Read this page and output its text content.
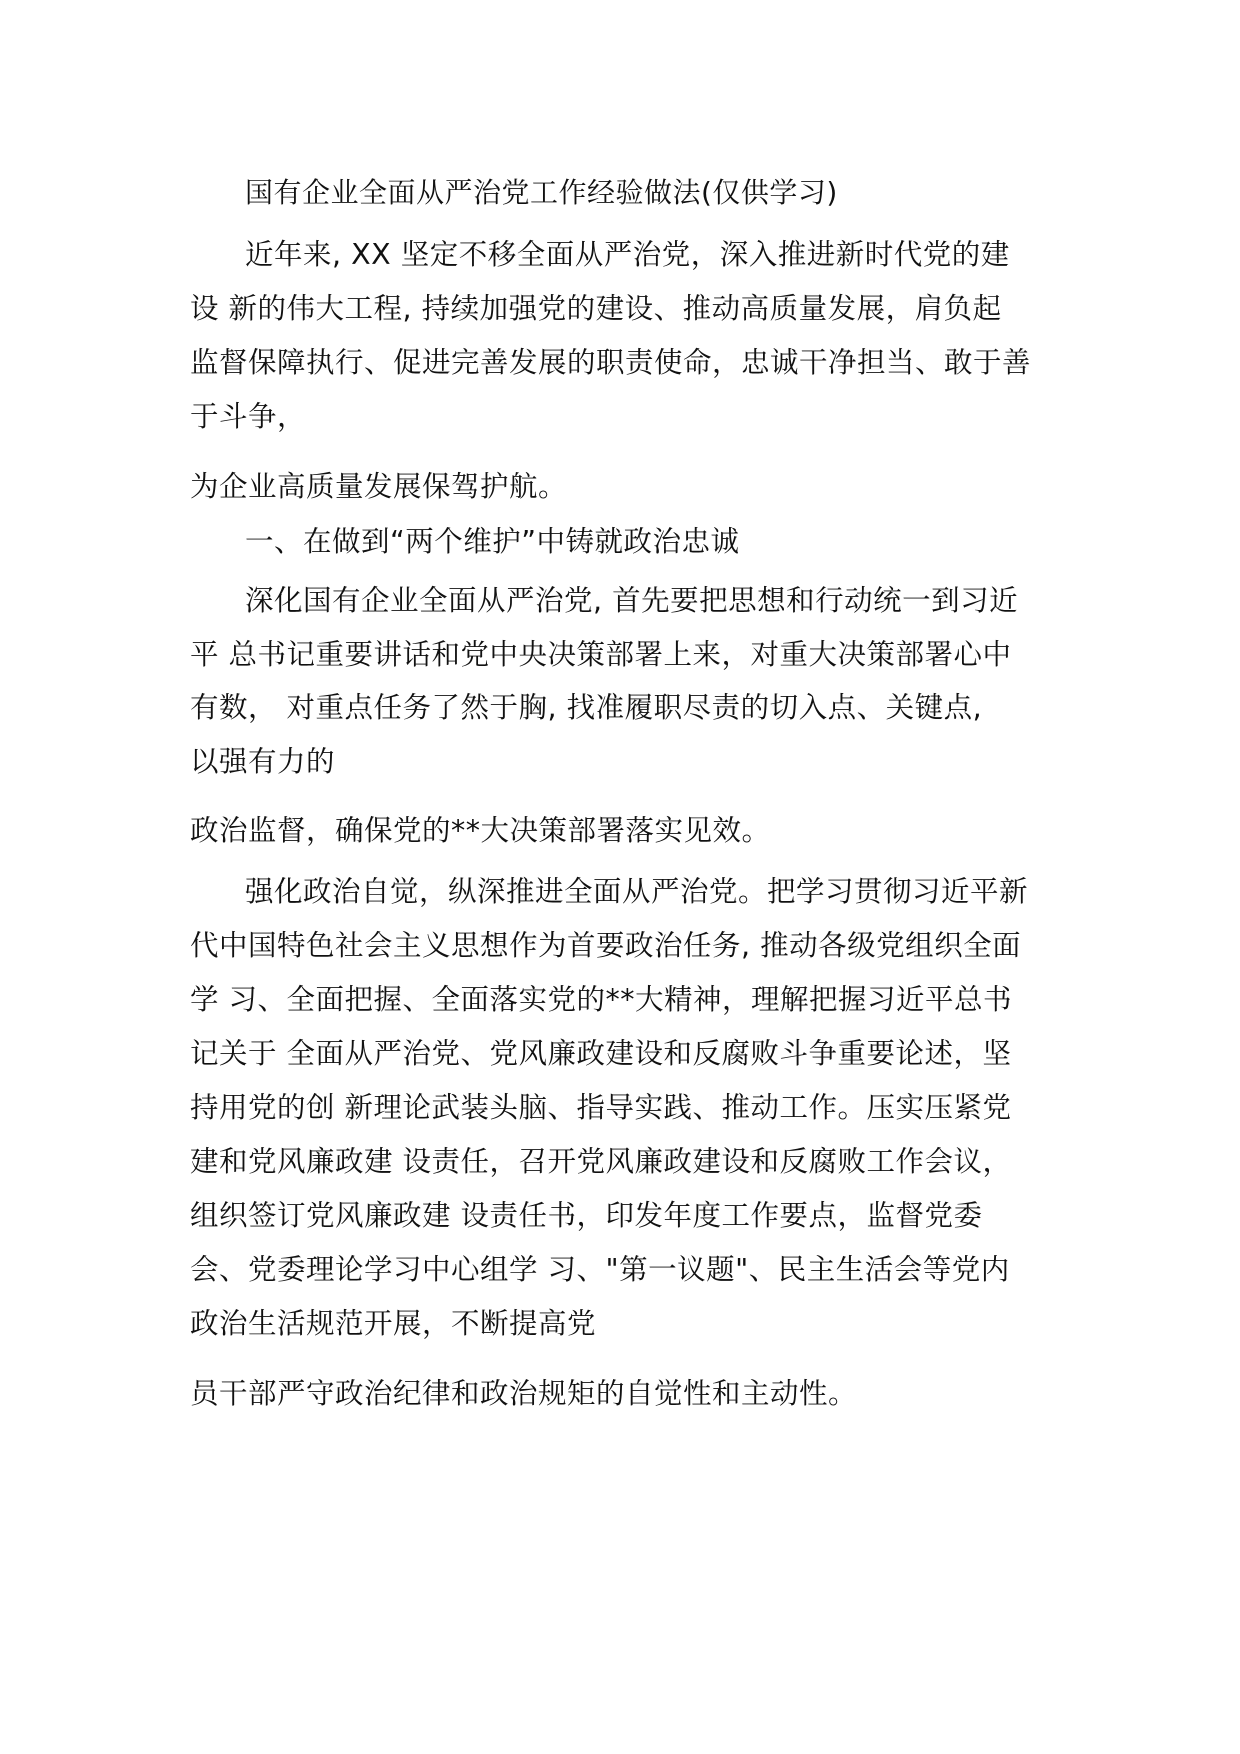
国有企业全面从严治党工作经验做法(仅供学习)
近年来, XX 坚定不移全面从严治党，深入推进新时代党的建
设 新的伟大工程, 持续加强党的建设、推动高质量发展，肩负起
监督保障执行、促进完善发展的职责使命，忠诚干净担当、敢于善
于斗争，
为企业高质量发展保驾护航。
一、在做到“两个维护”中铸就政治忠诚
深化国有企业全面从严治党, 首先要把思想和行动统一到习近
平 总书记重要讲话和党中央决策部署上来，对重大决策部署心中
有数， 对重点任务了然于胸, 找准履职尽责的切入点、关键点,
以强有力的
政治监督，确保党的**大决策部署落实见效。
强化政治自觉，纵深推进全面从严治党。把学习贯彻习近平新
代中国特色社会主义思想作为首要政治任务, 推动各级党组织全面
学 习、全面把握、全面落实党的**大精神，理解把握习近平总书
记关于 全面从严治党、党风廉政建设和反腐败斗争重要论述，坚
持用党的创 新理论武装头脑、指导实践、推动工作。压实压紧党
建和党风廉政建 设责任，召开党风廉政建设和反腐败工作会议，
组织签订党风廉政建 设责任书，印发年度工作要点，监督党委
会、党委理论学习中心组学 习、"第一议题"、民主生活会等党内
政治生活规范开展，不断提高党
员干部严守政治纪律和政治规矩的自觉性和主动性。
